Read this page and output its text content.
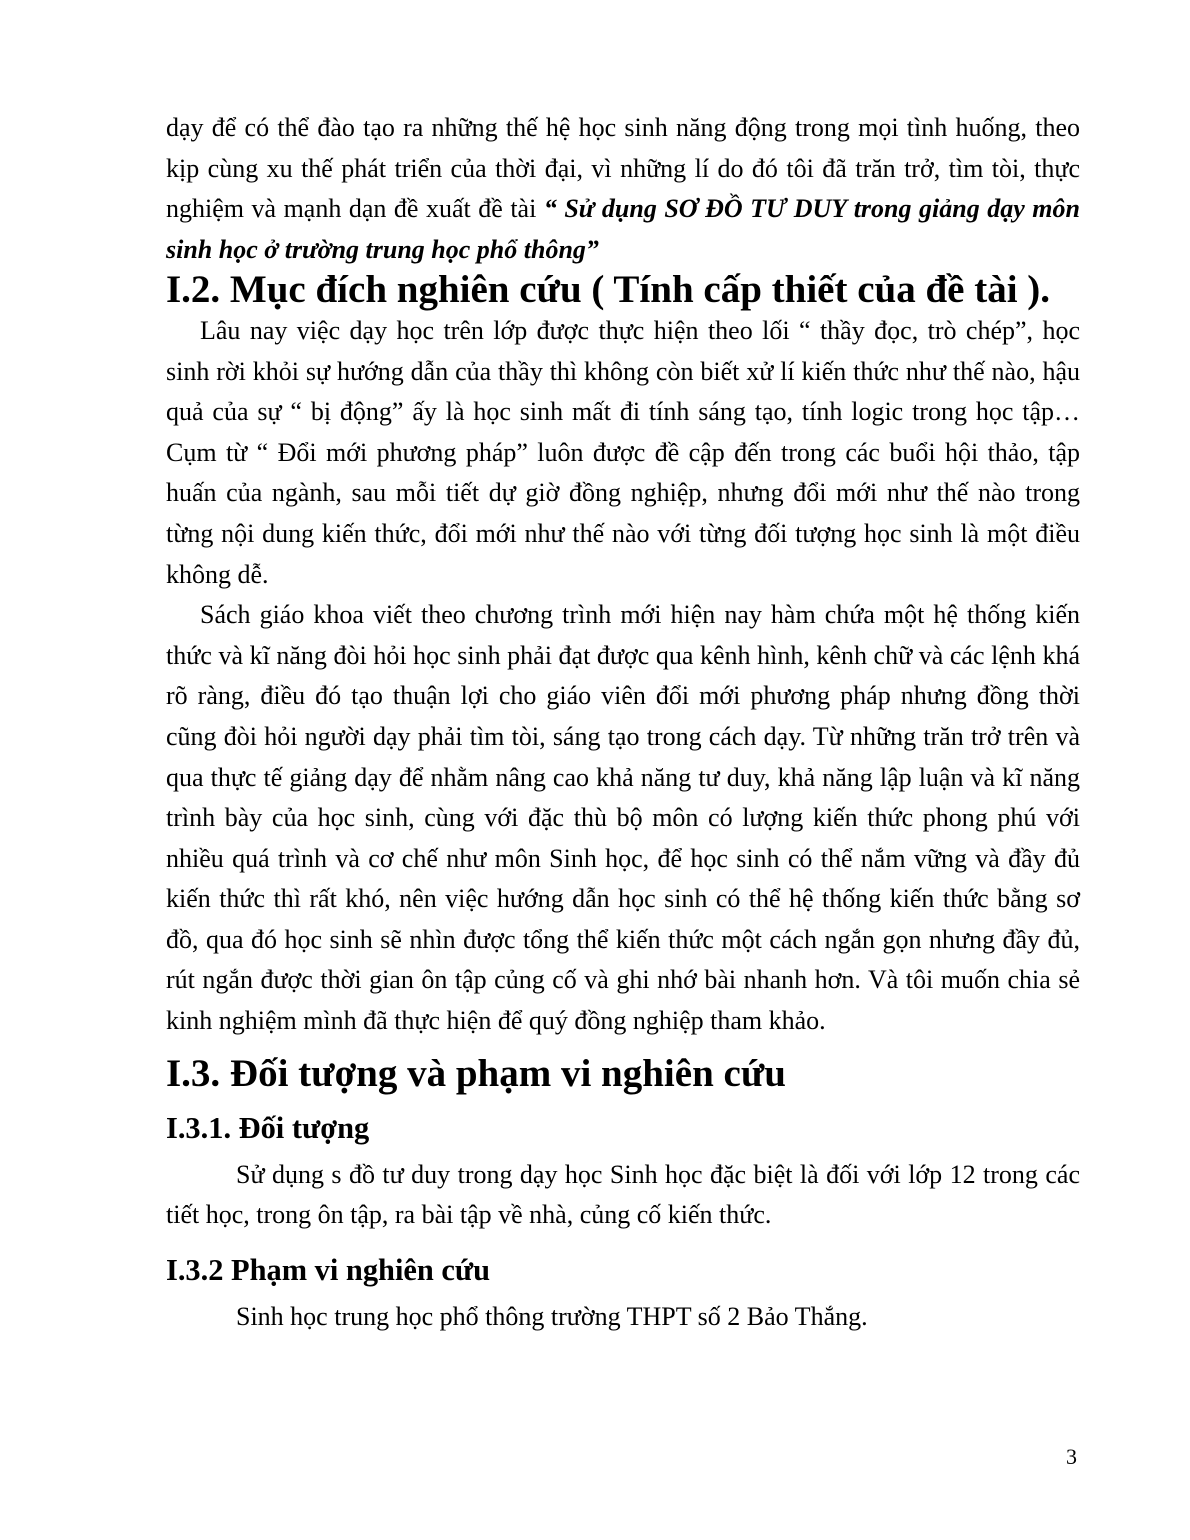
dạy để có thể đào tạo ra những thế hệ học sinh năng động trong mọi tình huống, theo kịp cùng xu thế phát triển của thời đại, vì những lí do đó tôi đã trăn trở, tìm tòi, thực nghiệm và mạnh dạn đề xuất đề tài “ Sử dụng SƠ ĐỒ TƯ DUY trong giảng dạy môn sinh học ở trường trung học phổ thông”

I.2. Mục đích nghiên cứu ( Tính cấp thiết của đề tài ).

Lâu nay việc dạy học trên lớp được thực hiện theo lối “ thầy đọc, trò chép”, học sinh rời khỏi sự hướng dẫn của thầy thì không còn biết xử lí kiến thức như thế nào, hậu quả của sự “ bị động” ấy là học sinh mất đi tính sáng tạo, tính logic trong học tập…Cụm từ “ Đổi mới phương pháp” luôn được đề cập đến trong các buổi hội thảo, tập huấn của ngành, sau mỗi tiết dự giờ đồng nghiệp, nhưng đổi mới như thế nào trong từng nội dung kiến thức, đổi mới như thế nào với từng đối tượng học sinh là một điều không dễ.

Sách giáo khoa viết theo chương trình mới hiện nay hàm chứa một hệ thống kiến thức và kĩ năng đòi hỏi học sinh phải đạt được qua kênh hình, kênh chữ và các lệnh khá rõ ràng, điều đó tạo thuận lợi cho giáo viên đổi mới phương pháp nhưng đồng thời cũng đòi hỏi người dạy phải tìm tòi, sáng tạo trong cách dạy. Từ những trăn trở trên và qua thực tế giảng dạy để nhằm nâng cao khả năng tư duy, khả năng lập luận và kĩ năng trình bày của học sinh, cùng với đặc thù bộ môn có lượng kiến thức phong phú với nhiều quá trình và cơ chế như môn Sinh học, để học sinh có thể nắm vững và đầy đủ kiến thức thì rất khó, nên việc hướng dẫn học sinh có thể hệ thống kiến thức bằng sơ đồ, qua đó học sinh sẽ nhìn được tổng thể kiến thức một cách ngắn gọn nhưng đầy đủ, rút ngắn được thời gian ôn tập củng cố và ghi nhớ bài nhanh hơn. Và tôi muốn chia sẻ kinh nghiệm mình đã thực hiện để quý đồng nghiệp tham khảo.

I.3. Đối tượng và phạm vi nghiên cứu
I.3.1. Đối tượng

Sử dụng s đồ tư duy trong dạy học Sinh học đặc biệt là đối với lớp 12 trong các tiết học, trong ôn tập, ra bài tập về nhà, củng cố kiến thức.

I.3.2 Phạm vi nghiên cứu

Sinh học trung học phổ thông trường THPT số 2 Bảo Thắng.

3
